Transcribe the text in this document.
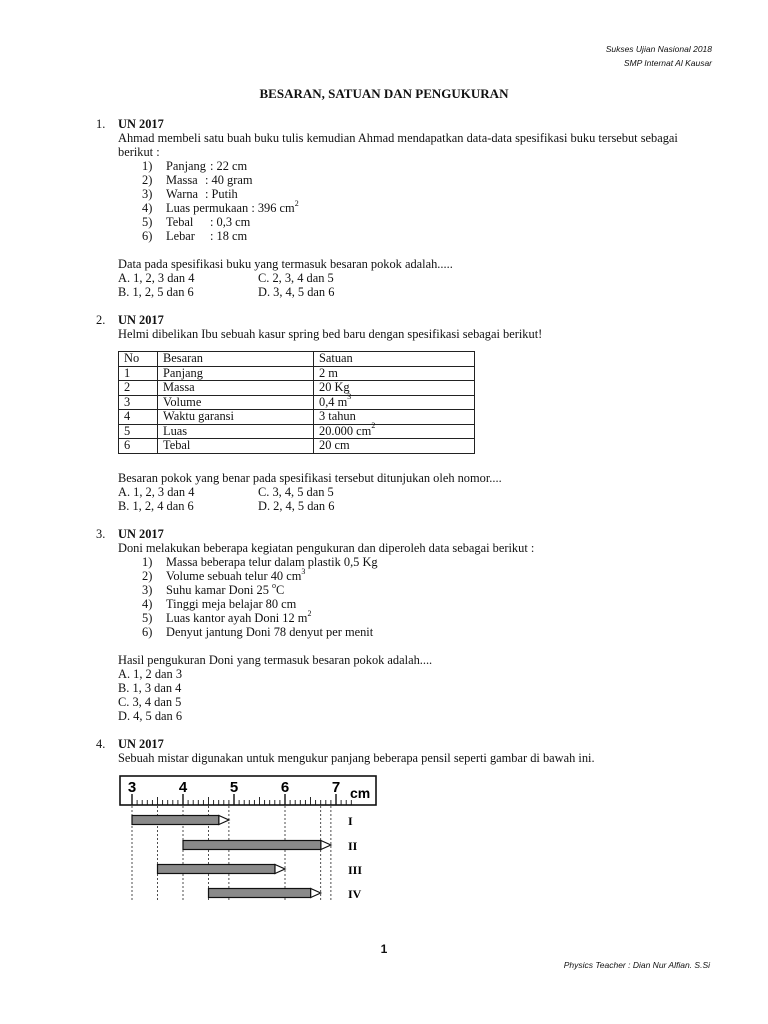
Sukses Ujian Nasional 2018
SMP Internat Al Kausar
BESARAN, SATUAN DAN PENGUKURAN
1. UN 2017
Ahmad membeli satu buah buku tulis kemudian Ahmad mendapatkan data-data spesifikasi buku tersebut sebagai
berikut :
1) Panjang : 22 cm
2) Massa : 40 gram
3) Warna : Putih
4) Luas permukaan : 396 $cm^2$
5) Tebal : 0,3 cm
6) Lebar : 18 cm
Data pada spesifikasi buku yang termasuk besaran pokok adalah.....
A. 1, 2, 3 dan 4	C. 2, 3, 4 dan 5
B. 1, 2, 5 dan 6	D. 3, 4, 5 dan 6
2. UN 2017
Helmi dibelikan Ibu sebuah kasur spring bed baru dengan spesifikasi sebagai berikut!
No	Besaran	Satuan
1	Panjang	2 m
2	Massa	20 Kg
3	Volume	0,4 $m^3$
4	Waktu garansi	3 tahun
5	Luas	20.000 $cm^2$
6	Tebal	20 cm
Besaran pokok yang benar pada spesifikasi tersebut ditunjukan oleh nomor....
A. 1, 2, 3 dan 4	C. 3, 4, 5 dan 5
B. 1, 2, 4 dan 6	D. 2, 4, 5 dan 6
3. UN 2017
Doni melakukan beberapa kegiatan pengukuran dan diperoleh data sebagai berikut :
1) Massa beberapa telur dalam plastik 0,5 Kg
2) Volume sebuah telur 40 $cm^3$
3) Suhu kamar Doni 25 $^o$C
4) Tinggi meja belajar 80 cm
5) Luas kantor ayah Doni 12 $m^2$
6) Denyut jantung Doni 78 denyut per menit
Hasil pengukuran Doni yang termasuk besaran pokok adalah....
A. 1, 2 dan 3
B. 1, 3 dan 4
C. 3, 4 dan 5
D. 4, 5 dan 6
4. UN 2017
Sebuah mistar digunakan untuk mengukur panjang beberapa pensil seperti gambar di bawah ini.
3	4	5	6	7 cm
I
II
III
IV
1
Physics Teacher : Dian Nur Alfian. S.Si
